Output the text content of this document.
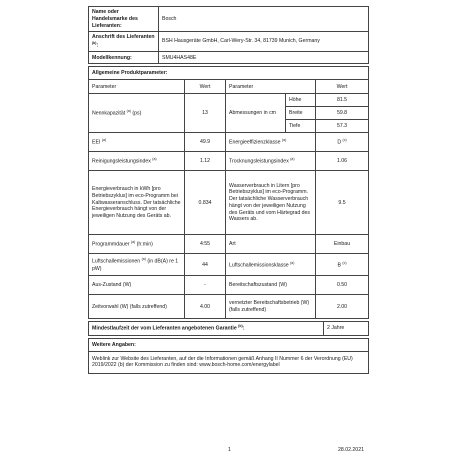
Name oder Handelsmarke des Lieferanten:	Bosch
Anschrift des Lieferanten $^{(b)}$:	BSH Hausgeräte GmbH, Carl-Wery-Str. 34, 81739 Munich, Germany
Modellkennung:	SMU4HAS48E
Allgemeine Produktparameter:				
Parameter	Wert	Parameter		Wert
Nennkapazität $^{(a)}$ (ps)	13	Abmessungen in cm	Höhe	81.5
			Breite	59.8
			Tiefe	57.3
EEI $^{(a)}$	49.9	Energieeffizienzklasse $^{(a)}$		D $^{(c)}$
Reinigungsleistungsindex $^{(a)}$	1.12	Trocknungsleistungsindex $^{(a)}$		1.06
Energieverbrauch in kWh [pro Betriebszyklus] im eco-Programm bei Kaltwasseranschluss. Der tatsächliche Energieverbrauch hängt von der jeweiligen Nutzung des Geräts ab.	0.834	Wasserverbrauch in Litern [pro Betriebszyklus] im eco-Programm. Der tatsächliche Wasserverbrauch hängt von der jeweiligen Nutzung des Geräts und vom Härtegrad des Wassers ab.		9.5
Programmdauer $^{(a)}$ (h:min)	4:55	Art		Einbau
Luftschallemissionen $^{(a)}$ (in dB(A) re 1 pW)	44	Luftschallemissionsklasse $^{(a)}$		B $^{(c)}$
Aus-Zustand (W)	-	Bereitschaftszustand (W)		0.50
Zeitvorwahl (W) (falls zutreffend)	4.00	vernetzter Bereitschaftsbetrieb (W) (falls zutreffend)		2.00
Mindestlaufzeit der vom Lieferanten angebotenen Garantie $^{(b)}$:	2 Jahre
Weitere Angaben:
Weblink zur Website des Lieferanten, auf der die Informationen gemäß Anhang II Nummer 6 der Verordnung (EU) 2019/2022 (b) der Kommission zu finden sind: www.bosch-home.com/energylabel
1	28.02.2021
